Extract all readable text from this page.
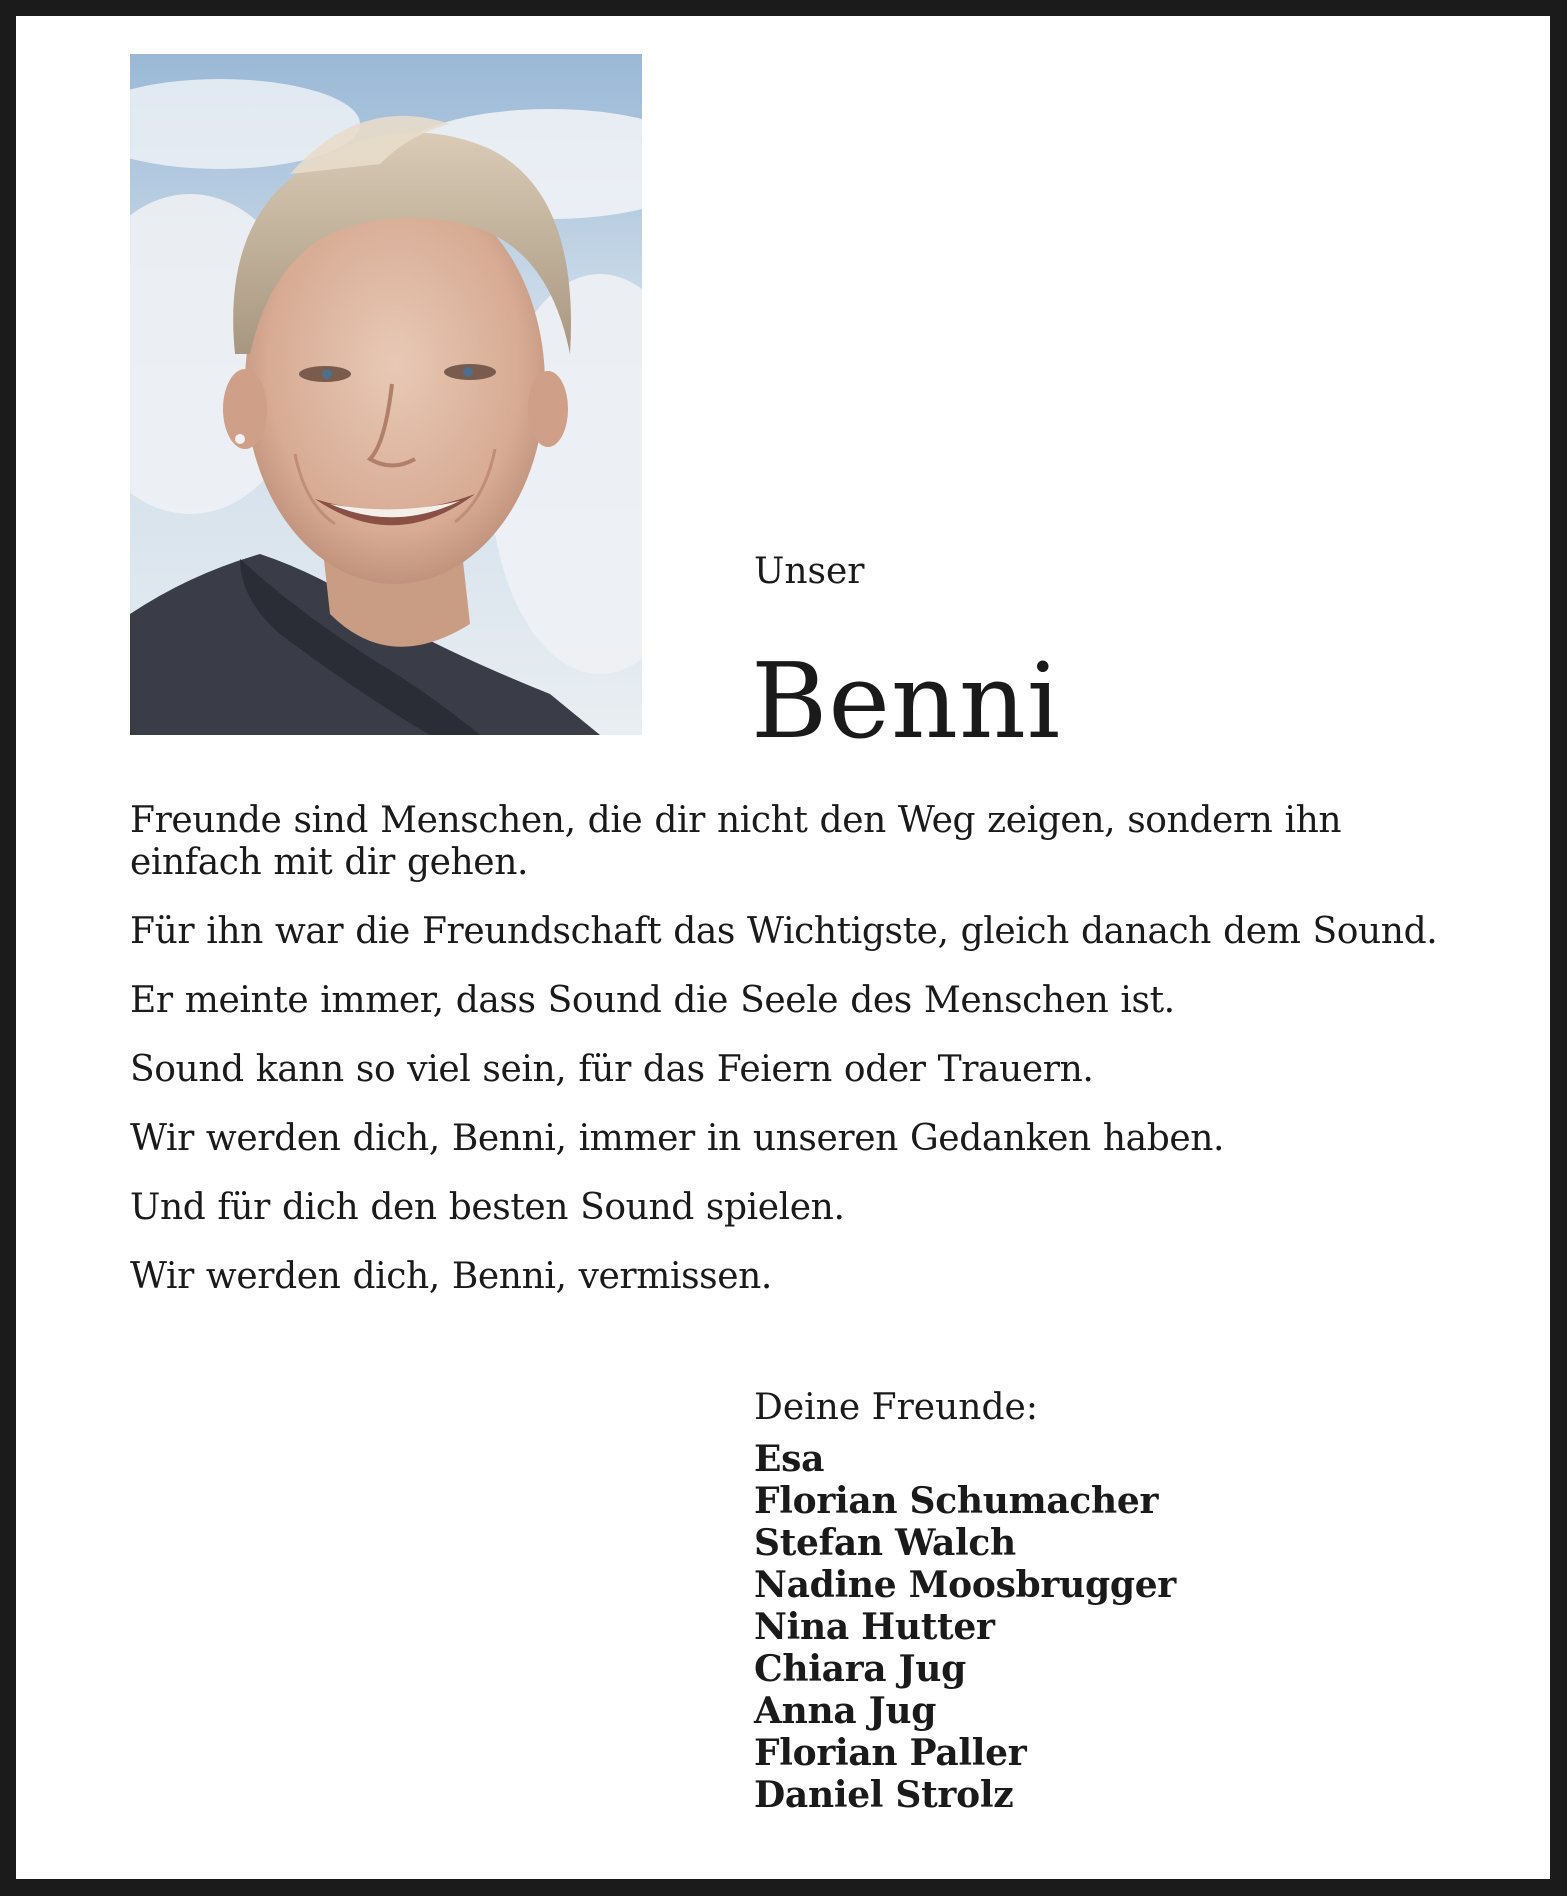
Unser
Benni

Freunde sind Menschen, die dir nicht den Weg zeigen, sondern ihn einfach mit dir gehen.

Für ihn war die Freundschaft das Wichtigste, gleich danach dem Sound.

Er meinte immer, dass Sound die Seele des Menschen ist.

Sound kann so viel sein, für das Feiern oder Trauern.

Wir werden dich, Benni, immer in unseren Gedanken haben.

Und für dich den besten Sound spielen.

Wir werden dich, Benni, vermissen.

Deine Freunde:
Esa
Florian Schumacher
Stefan Walch
Nadine Moosbrugger
Nina Hutter
Chiara Jug
Anna Jug
Florian Paller
Daniel Strolz
